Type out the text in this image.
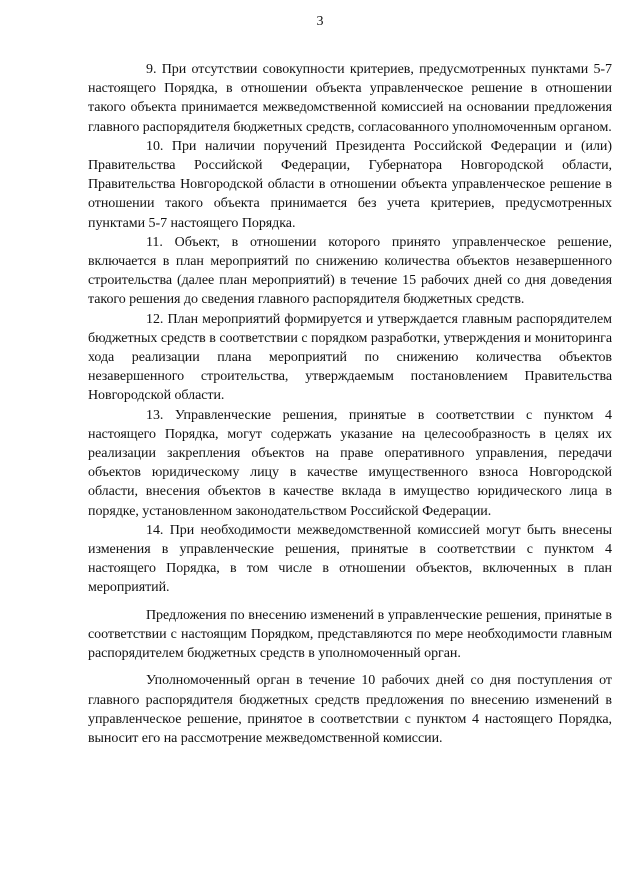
3

9. При отсутствии совокупности критериев, предусмотренных пунктами 5-7 настоящего Порядка, в отношении объекта управленческое решение в отношении такого объекта принимается межведомственной комиссией на основании предложения главного распорядителя бюджетных средств, согласованного уполномоченным органом.

10. При наличии поручений Президента Российской Федерации и (или) Правительства Российской Федерации, Губернатора Новгородской области, Правительства Новгородской области в отношении объекта управленческое решение в отношении такого объекта принимается без учета критериев, предусмотренных пунктами 5-7 настоящего Порядка.

11. Объект, в отношении которого принято управленческое решение, включается в план мероприятий по снижению количества объектов незавершенного строительства (далее план мероприятий) в течение 15 рабочих дней со дня доведения такого решения до сведения главного распорядителя бюджетных средств.

12. План мероприятий формируется и утверждается главным распорядителем бюджетных средств в соответствии с порядком разработки, утверждения и мониторинга хода реализации плана мероприятий по снижению количества объектов незавершенного строительства, утверждаемым постановлением Правительства Новгородской области.

13. Управленческие решения, принятые в соответствии с пунктом 4 настоящего Порядка, могут содержать указание на целесообразность в целях их реализации закрепления объектов на праве оперативного управления, передачи объектов юридическому лицу в качестве имущественного взноса Новгородской области, внесения объектов в качестве вклада в имущество юридического лица в порядке, установленном законодательством Российской Федерации.

14. При необходимости межведомственной комиссией могут быть внесены изменения в управленческие решения, принятые в соответствии с пунктом 4 настоящего Порядка, в том числе в отношении объектов, включенных в план мероприятий.

Предложения по внесению изменений в управленческие решения, принятые в соответствии с настоящим Порядком, представляются по мере необходимости главным распорядителем бюджетных средств в уполномоченный орган.

Уполномоченный орган в течение 10 рабочих дней со дня поступления от главного распорядителя бюджетных средств предложения по внесению изменений в управленческое решение, принятое в соответствии с пунктом 4 настоящего Порядка, выносит его на рассмотрение межведомственной комиссии.
